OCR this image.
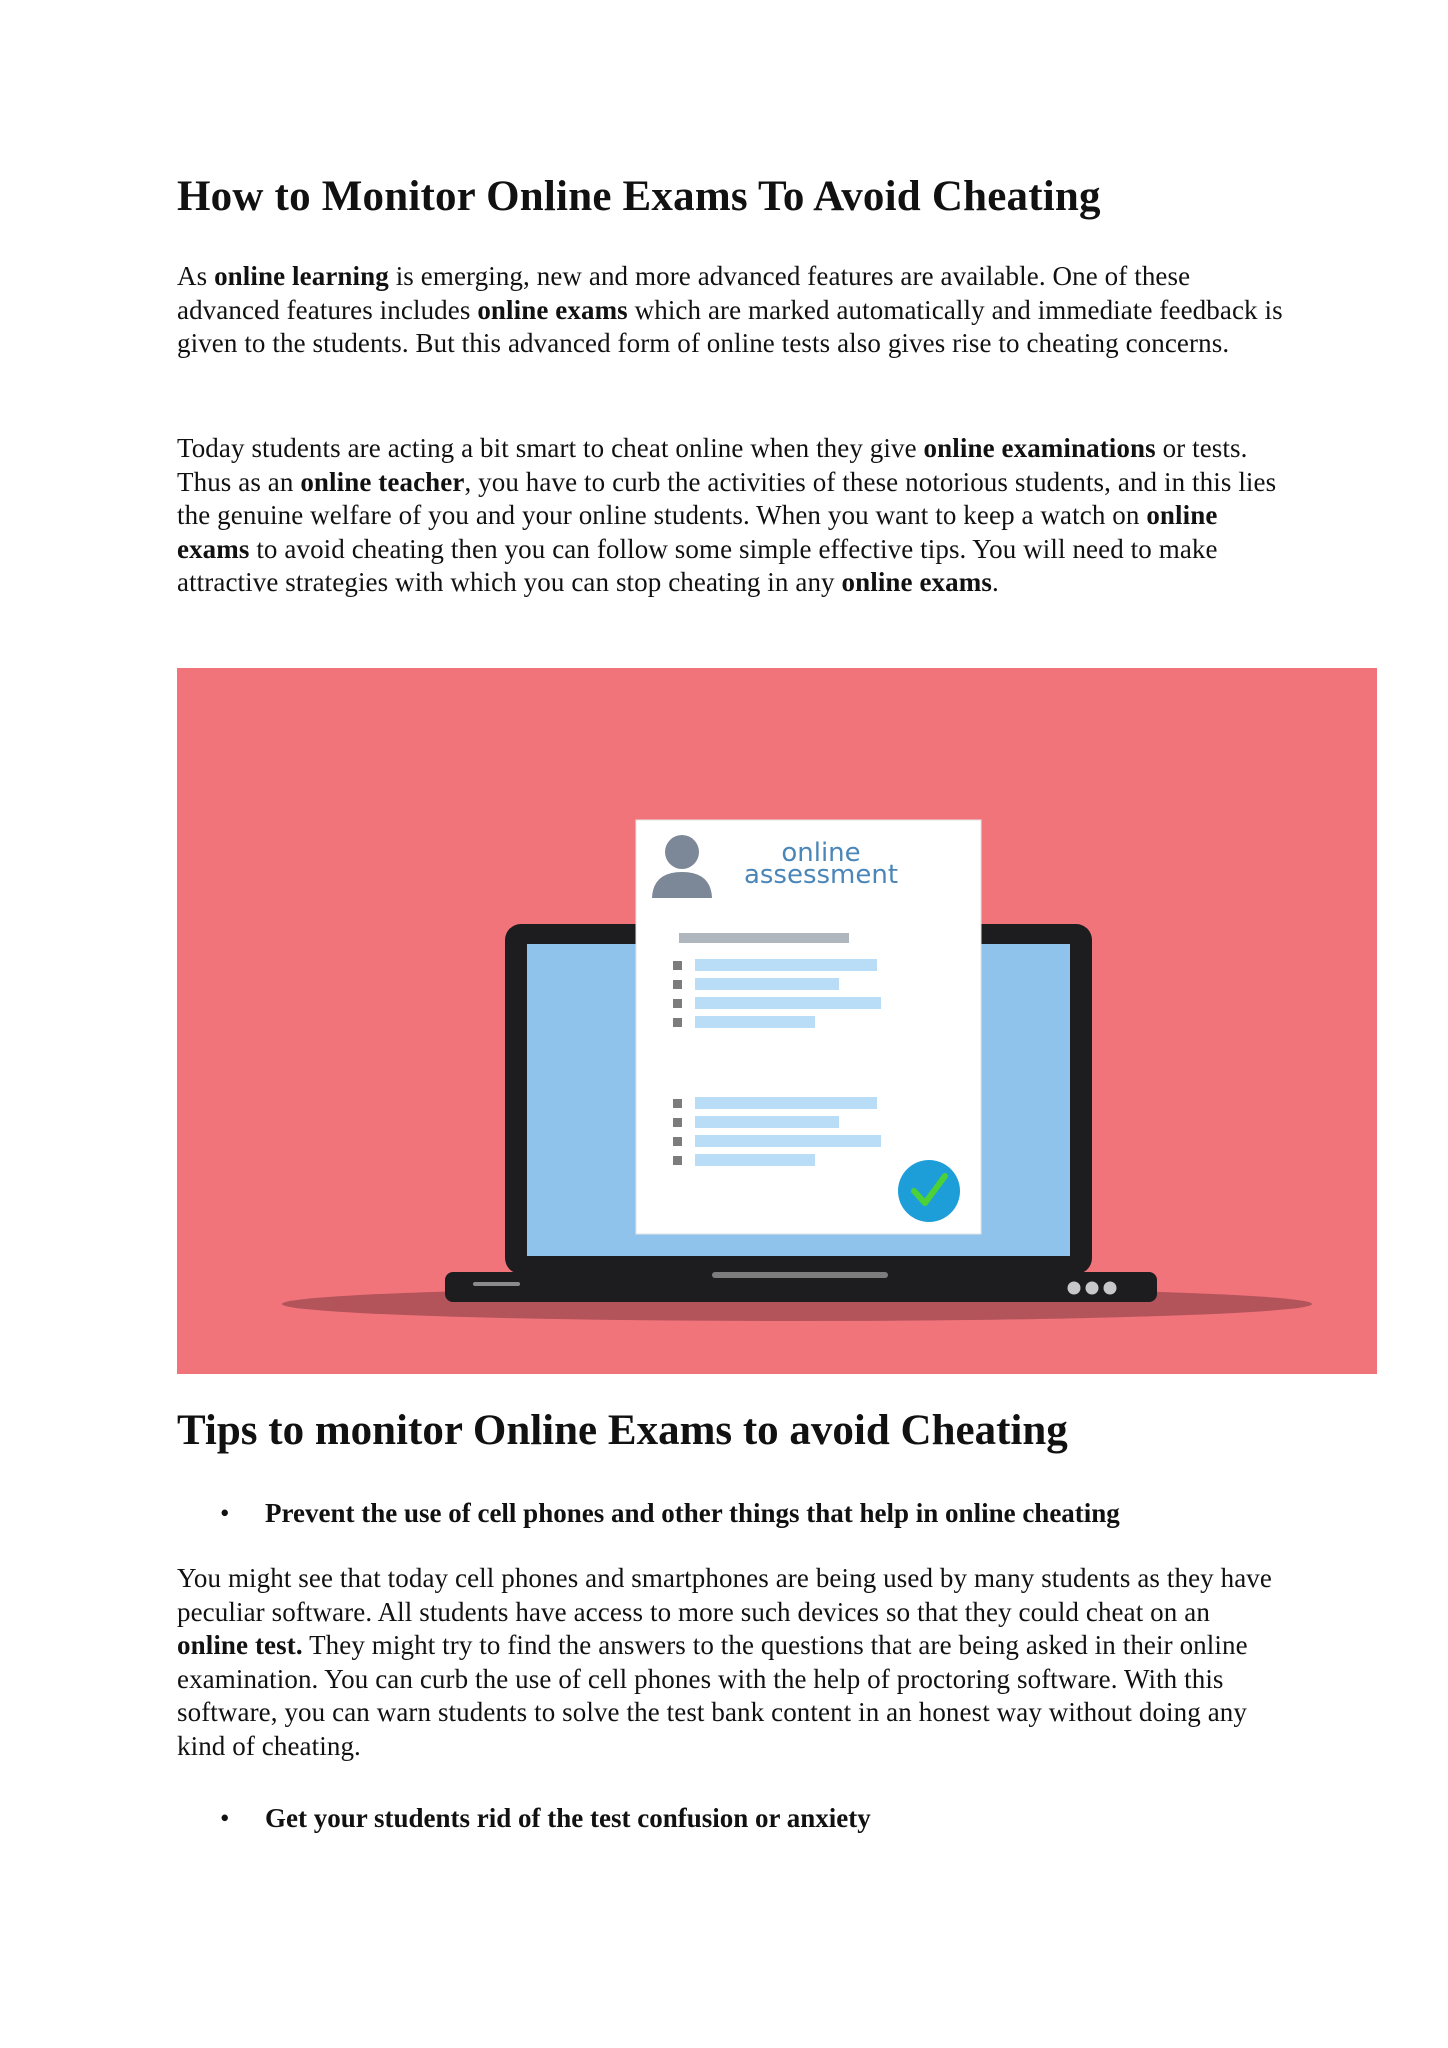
How to Monitor Online Exams To Avoid Cheating

As online learning is emerging, new and more advanced features are available. One of these advanced features includes online exams which are marked automatically and immediate feedback is given to the students. But this advanced form of online tests also gives rise to cheating concerns.

Today students are acting a bit smart to cheat online when they give online examinations or tests. Thus as an online teacher, you have to curb the activities of these notorious students, and in this lies the genuine welfare of you and your online students. When you want to keep a watch on online exams to avoid cheating then you can follow some simple effective tips. You will need to make attractive strategies with which you can stop cheating in any online exams.

online
assessment
Tips to monitor Online Exams to avoid Cheating
• Prevent the use of cell phones and other things that help in online cheating

You might see that today cell phones and smartphones are being used by many students as they have peculiar software. All students have access to more such devices so that they could cheat on an online test. They might try to find the answers to the questions that are being asked in their online examination. You can curb the use of cell phones with the help of proctoring software. With this software, you can warn students to solve the test bank content in an honest way without doing any kind of cheating.

• Get your students rid of the test confusion or anxiety
